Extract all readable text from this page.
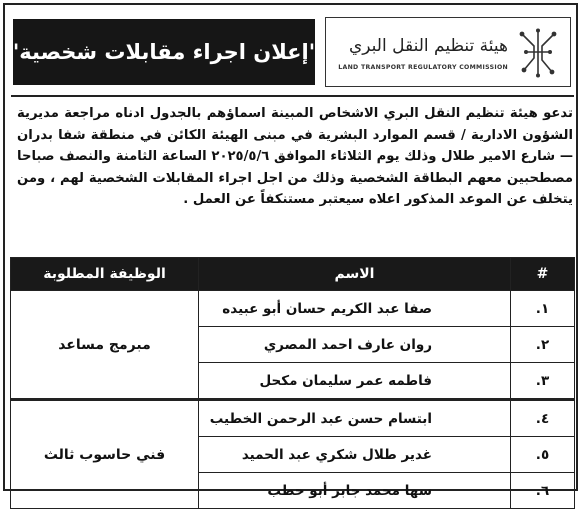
"إعلان اجراء مقابلات شخصية" هيئة تنظيم النقل البري
LAND TRANSPORT REGULATORY COMMISSION
تدعو هيئة تنظيم النقل البري الاشخاص المبينة اسماؤهم بالجدول ادناه مراجعة مديرية الشؤون الادارية / قسم الموارد البشرية في مبنى الهيئة الكائن في منطقة شفا بدران — شارع الامير طلال وذلك يوم الثلاثاء الموافق ٢٠٢٥/٥/٦ الساعة الثامنة والنصف صباحا مصطحبين معهم البطاقة الشخصية وذلك من اجل اجراء المقابلات الشخصية لهم ، ومن يتخلف عن الموعد المذكور اعلاه سيعتبر مستنكفاً عن العمل .
#	الاسم	الوظيفة المطلوبة
١.	صفا عبد الكريم حسان أبو عبيده	مبرمج مساعد
٢.	روان عارف احمد المصري	
٣.	فاطمه عمر سليمان مكحل	
٤.	ابتسام حسن عبد الرحمن الخطيب	فني حاسوب ثالث
٥.	غدير طلال شكري عبد الحميد	
٦.	سها محمد جابر أبو حطب	
